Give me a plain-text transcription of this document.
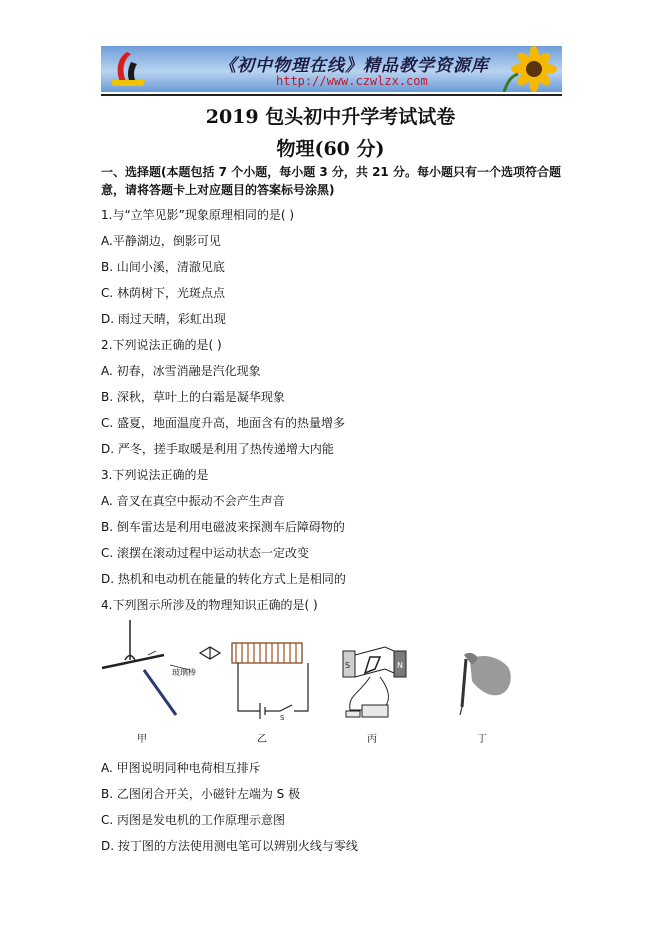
《初中物理在线》精品教学资源库
http://www.czwlzx.com
2019 包头初中升学考试试卷
物理(60 分)
一、选择题(本题包括 7 个小题，每小题 3 分，共 21 分。每小题只有一个选项符合题意，请将答题卡上对应题目的答案标号涂黑)
1.与“立竿见影”现象原理相同的是( )
A.平静湖边，倒影可见
B. 山间小溪，清澈见底
C. 林荫树下，光斑点点
D. 雨过天晴，彩虹出现
2.下列说法正确的是( )
A. 初春，冰雪消融是汽化现象
B. 深秋，草叶上的白霜是凝华现象
C. 盛夏，地面温度升高，地面含有的热量增多
D. 严冬，搓手取暖是利用了热传递增大内能
3.下列说法正确的是
A. 音叉在真空中振动不会产生声音
B. 倒车雷达是利用电磁波来探测车后障碍物的
C. 滚摆在滚动过程中运动状态一定改变
D. 热机和电动机在能量的转化方式上是相同的
4.下列图示所涉及的物理知识正确的是( )
玻璃棒
S
S	N
甲	乙	丙	丁
A. 甲图说明同种电荷相互排斥
B. 乙图闭合开关，小磁针左端为 S 极
C. 丙图是发电机的工作原理示意图
D. 按丁图的方法使用测电笔可以辨别火线与零线
